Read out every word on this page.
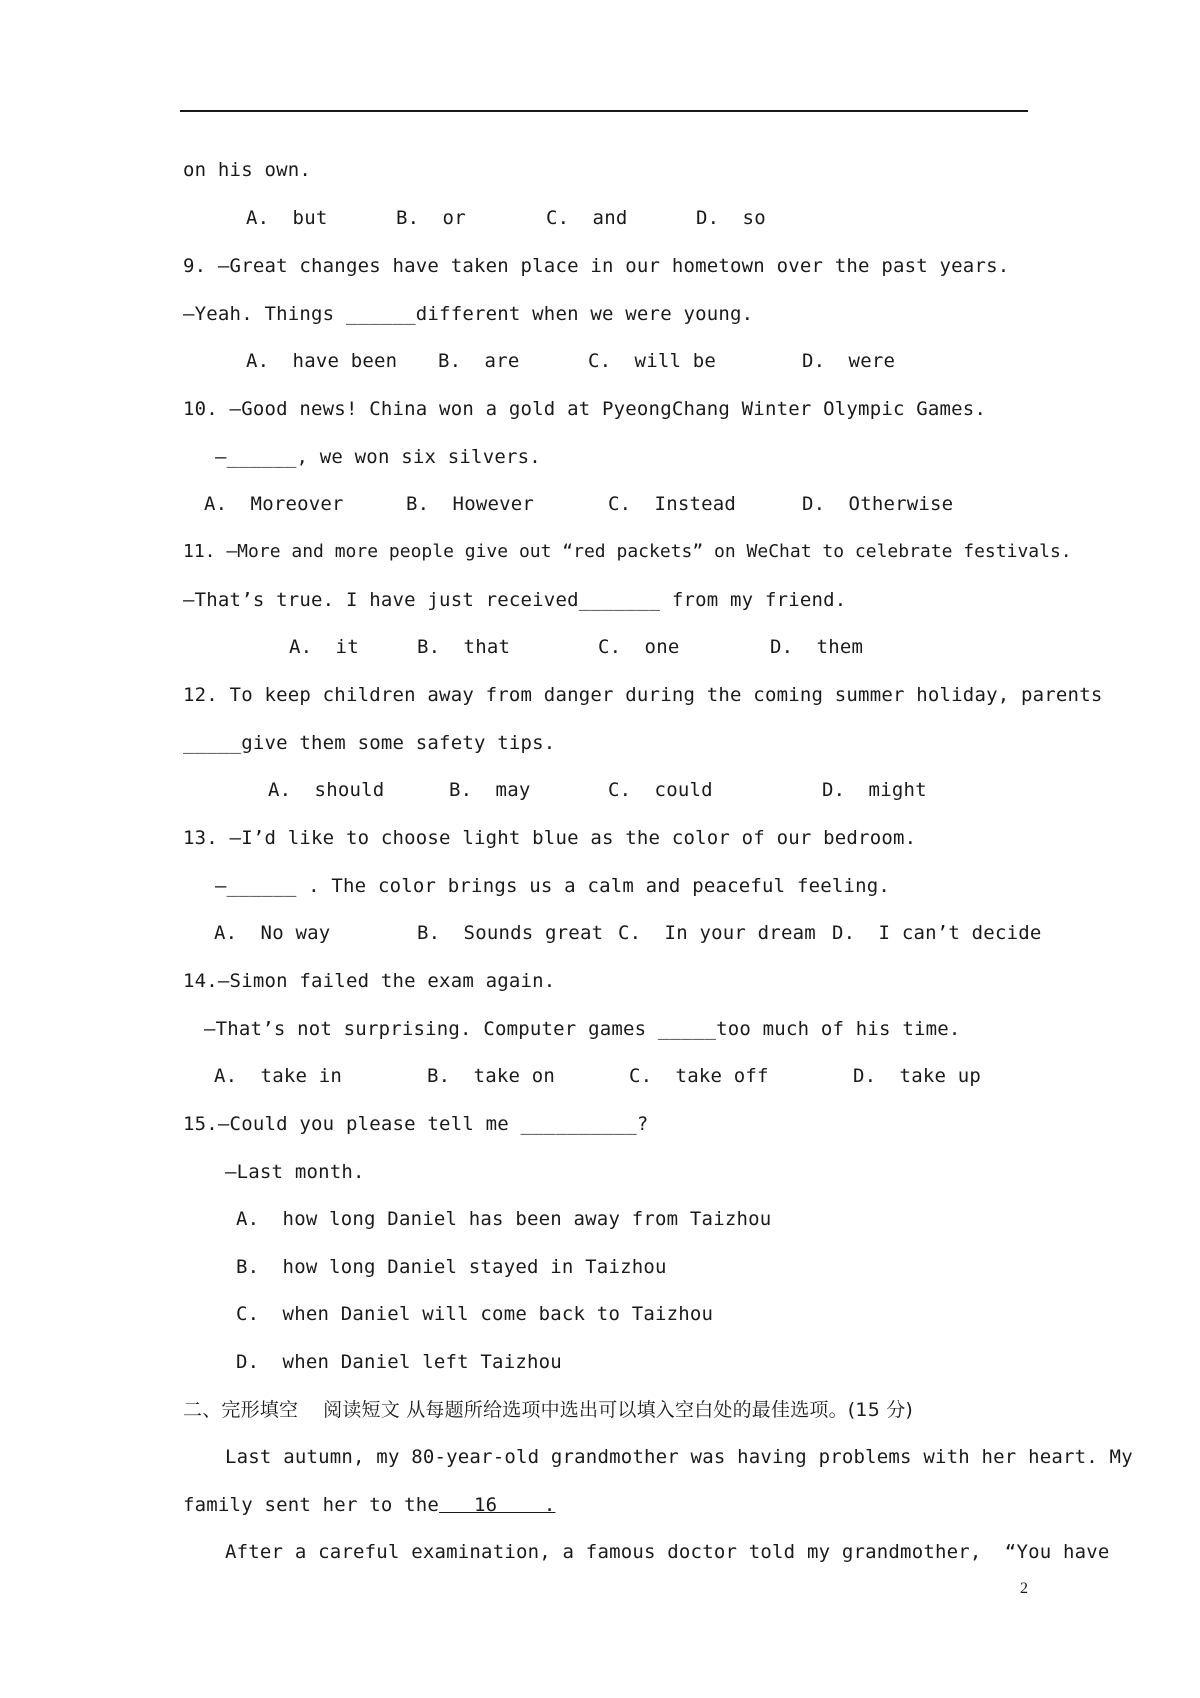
on his own.
A.  but	B.  or	C.  and	D.  so
9. —Great changes have taken place in our hometown over the past years.
—Yeah. Things ______different when we were young.
A.  have been B.  are	C.  will be	D.  were
10. —Good news! China won a gold at PyeongChang Winter Olympic Games.
—______, we won six silvers.
A.  Moreover	B.  However	C.  Instead	D.  Otherwise
11. —More and more people give out “red packets” on WeChat to celebrate festivals.
—That’s true. I have just received_______ from my friend.
A.  it	B.  that	C.  one	D.  them
12. To keep children away from danger during the coming summer holiday, parents
_____give them some safety tips.
A.  should	B.  may	C.  could	D.  might
13. —I’d like to choose light blue as the color of our bedroom.
—______ . The color brings us a calm and peaceful feeling.
A.  No way	B.  Sounds great C.  In your dream D.  I can’t decide
14.—Simon failed the exam again.
—That’s not surprising. Computer games _____too much of his time.
A.  take in	B.  take on	C.  take off	D.  take up
15.—Could you please tell me __________?
—Last month.
A.  how long Daniel has been away from Taizhou
B.  how long Daniel stayed in Taizhou
C.  when Daniel will come back to Taizhou
D.  when Daniel left Taizhou
二、完形填空    阅读短文 从每题所给选项中选出可以填入空白处的最佳选项。(15 分)
Last autumn, my 80-year-old grandmother was having problems with her heart. My
family sent her to the   16    .
After a careful examination, a famous doctor told my grandmother,  “You have
2
